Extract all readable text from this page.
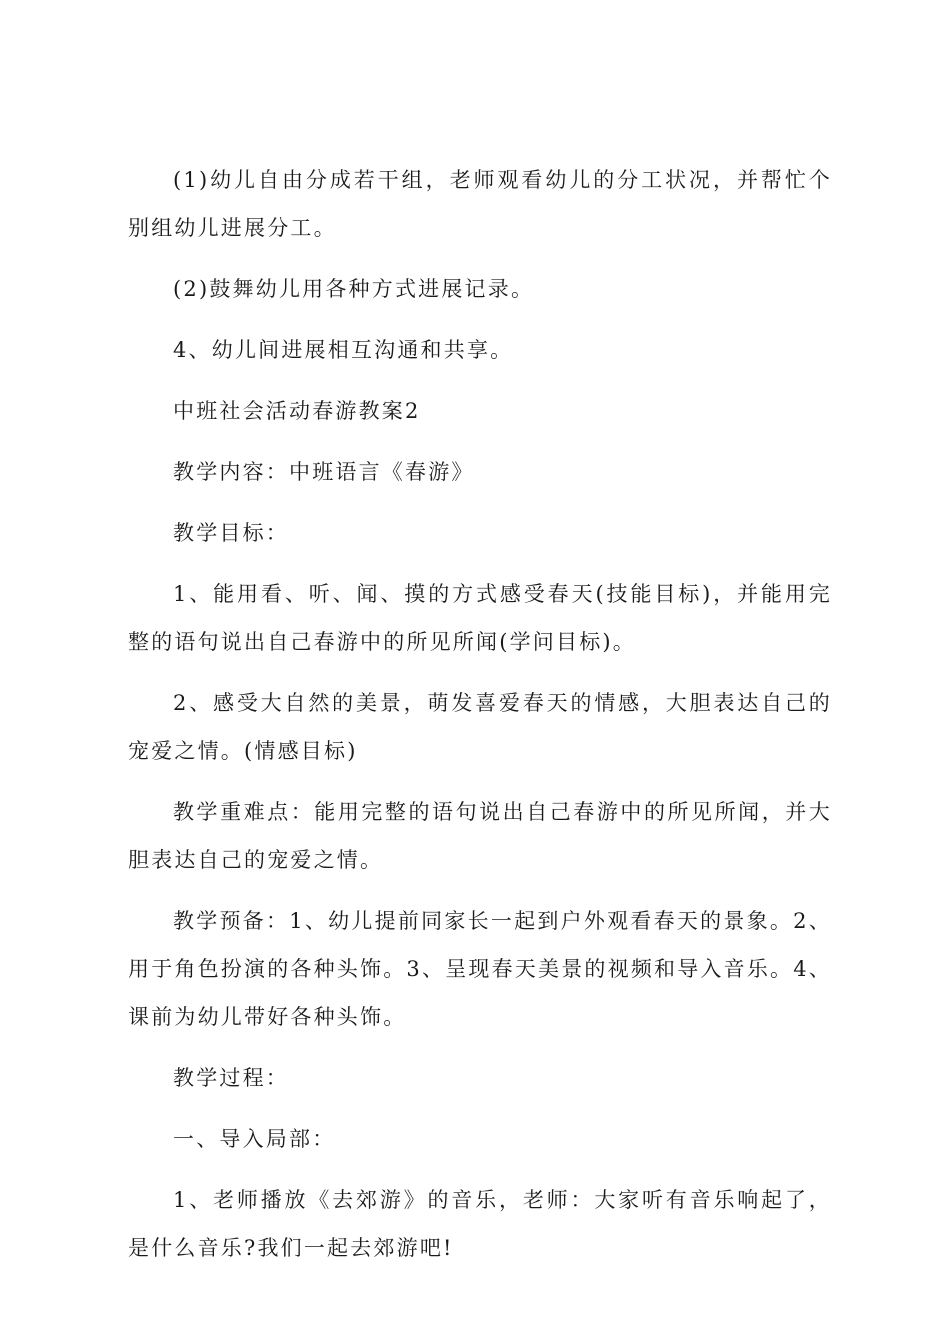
(1)幼儿自由分成若干组，老师观看幼儿的分工状况，并帮忙个别组幼儿进展分工。

(2)鼓舞幼儿用各种方式进展记录。

4、幼儿间进展相互沟通和共享。

中班社会活动春游教案2

教学内容：中班语言《春游》

教学目标：

1、能用看、听、闻、摸的方式感受春天(技能目标)，并能用完整的语句说出自己春游中的所见所闻(学问目标)。

2、感受大自然的美景，萌发喜爱春天的情感，大胆表达自己的宠爱之情。(情感目标)

教学重难点：能用完整的语句说出自己春游中的所见所闻，并大胆表达自己的宠爱之情。

教学预备：1、幼儿提前同家长一起到户外观看春天的景象。2、用于角色扮演的各种头饰。3、呈现春天美景的视频和导入音乐。4、课前为幼儿带好各种头饰。

教学过程：

一、导入局部：

1、老师播放《去郊游》的音乐，老师：大家听有音乐响起了，是什么音乐?我们一起去郊游吧!
